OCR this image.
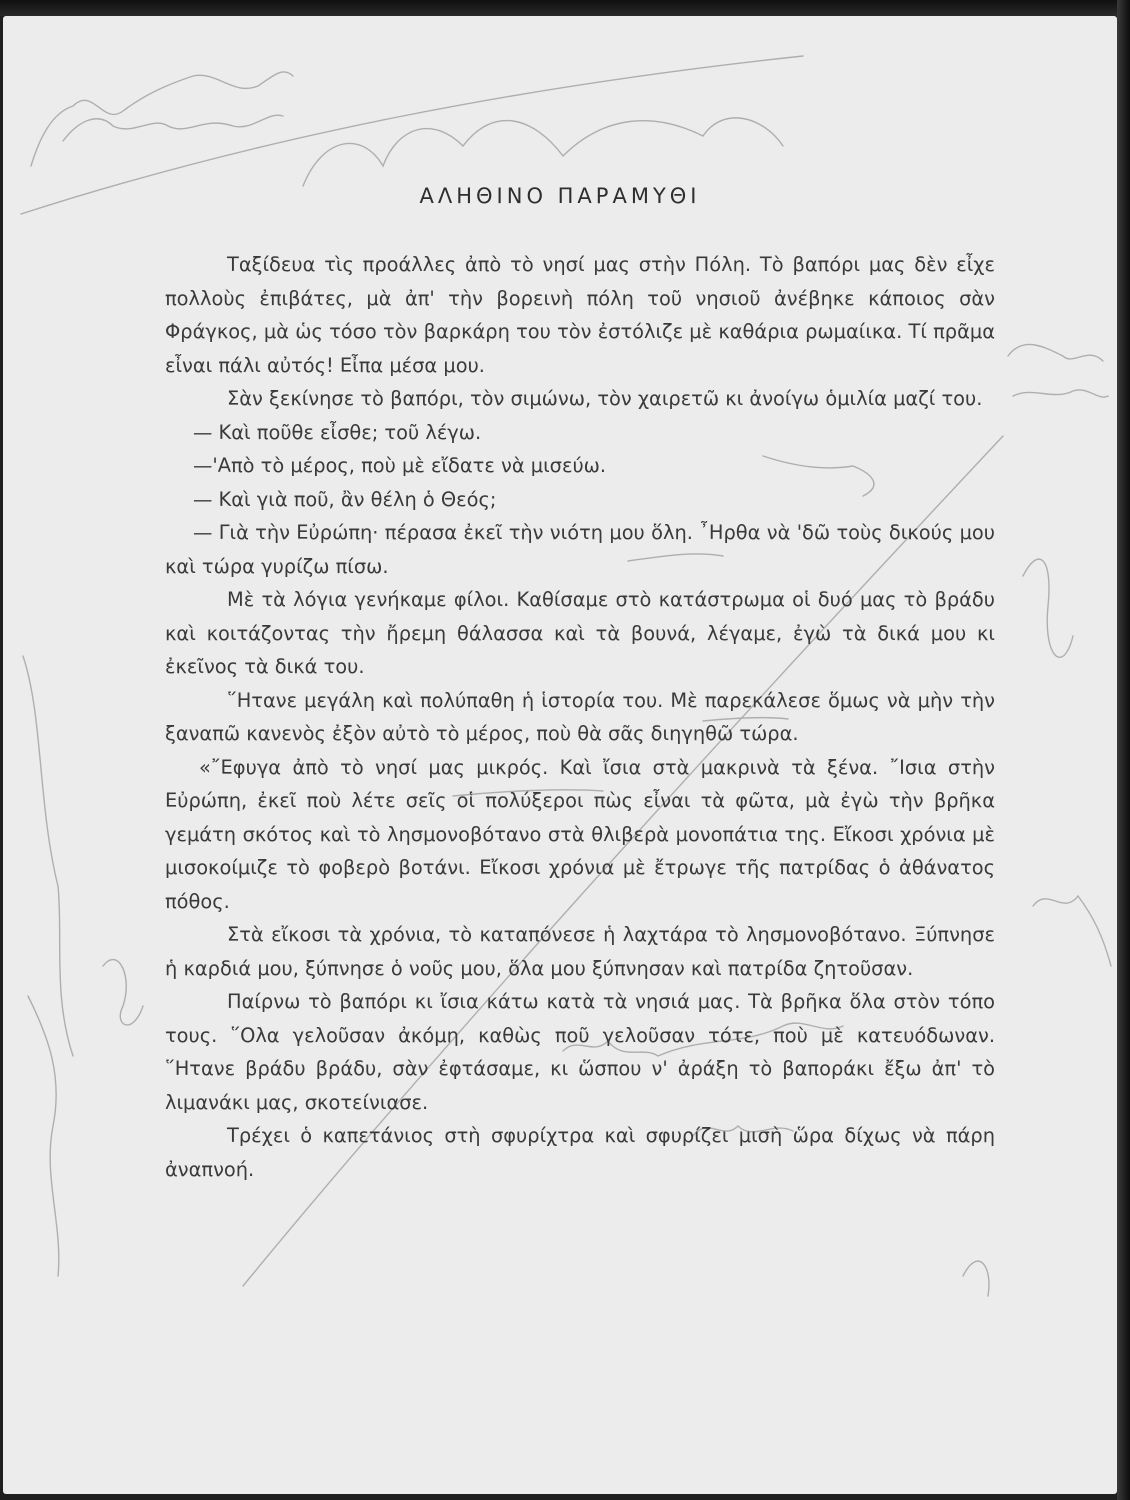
ΑΛΗΘΙΝΟ ΠΑΡΑΜΥΘΙ

Ταξίδευα τὶς προάλλες ἀπὸ τὸ νησί μας στὴν Πόλη. Τὸ βαπόρι μας δὲν εἶχε πολλοὺς ἐπιβάτες, μὰ ἀπ' τὴν βορεινὴ πόλη τοῦ νησιοῦ ἀνέβηκε κάποιος σὰν Φράγκος, μὰ ὡς τόσο τὸν βαρκάρη του τὸν ἐστόλιζε μὲ καθάρια ρωμαίικα. Τί πρᾶμα εἶναι πάλι αὐτός! Εἶπα μέσα μου.

Σὰν ξεκίνησε τὸ βαπόρι, τὸν σιμώνω, τὸν χαιρετῶ κι ἀνοίγω ὁμιλία μαζί του.

— Καὶ ποῦθε εἶσθε; τοῦ λέγω.

—'Απὸ τὸ μέρος, ποὺ μὲ εἴδατε νὰ μισεύω.

— Καὶ γιὰ ποῦ, ἂν θέλη ὁ Θεός;

— Γιὰ τὴν Εὐρώπη· πέρασα ἐκεῖ τὴν νιότη μου ὅλη. ῏Ηρθα νὰ 'δῶ τοὺς δικούς μου καὶ τώρα γυρίζω πίσω.

Μὲ τὰ λόγια γενήκαμε φίλοι. Καθίσαμε στὸ κατάστρωμα οἱ δυό μας τὸ βράδυ καὶ κοιτάζοντας τὴν ἤρεμη θάλασσα καὶ τὰ βουνά, λέγαμε, ἐγὼ τὰ δικά μου κι ἐκεῖνος τὰ δικά του.

῞Ητανε μεγάλη καὶ πολύπαθη ἡ ἱστορία του. Μὲ παρεκάλεσε ὅμως νὰ μὴν τὴν ξαναπῶ κανενὸς ἐξὸν αὐτὸ τὸ μέρος, ποὺ θὰ σᾶς διηγηθῶ τώρα.

«῎Εφυγα ἀπὸ τὸ νησί μας μικρός. Καὶ ἴσια στὰ μακρινὰ τὰ ξένα. ῎Ισια στὴν Εὐρώπη, ἐκεῖ ποὺ λέτε σεῖς οἱ πολύξεροι πὼς εἶναι τὰ φῶτα, μὰ ἐγὼ τὴν βρῆκα γεμάτη σκότος καὶ τὸ λησμονοβότανο στὰ θλιβερὰ μονοπάτια της. Εἴκοσι χρόνια μὲ μισοκοίμιζε τὸ φοβερὸ βοτάνι. Εἴκοσι χρόνια μὲ ἔτρωγε τῆς πατρίδας ὁ ἀθάνατος πόθος.

Στὰ εἴκοσι τὰ χρόνια, τὸ καταπόνεσε ἡ λαχτάρα τὸ λησμονοβότανο. Ξύπνησε ἡ καρδιά μου, ξύπνησε ὁ νοῦς μου, ὅλα μου ξύπνησαν καὶ πατρίδα ζητοῦσαν.

Παίρνω τὸ βαπόρι κι ἴσια κάτω κατὰ τὰ νησιά μας. Τὰ βρῆκα ὅλα στὸν τόπο τους. ῞Ολα γελοῦσαν ἀκόμη, καθὼς ποῦ γελοῦσαν τότε, ποὺ μὲ κατευόδωναν. ῞Ητανε βράδυ βράδυ, σὰν ἐφτάσαμε, κι ὥσπου ν' ἀράξη τὸ βαποράκι ἔξω ἀπ' τὸ λιμανάκι μας, σκοτείνιασε.

Τρέχει ὁ καπετάνιος στὴ σφυρίχτρα καὶ σφυρίζει μισὴ ὥρα δίχως νὰ πάρη ἀναπνοή.
